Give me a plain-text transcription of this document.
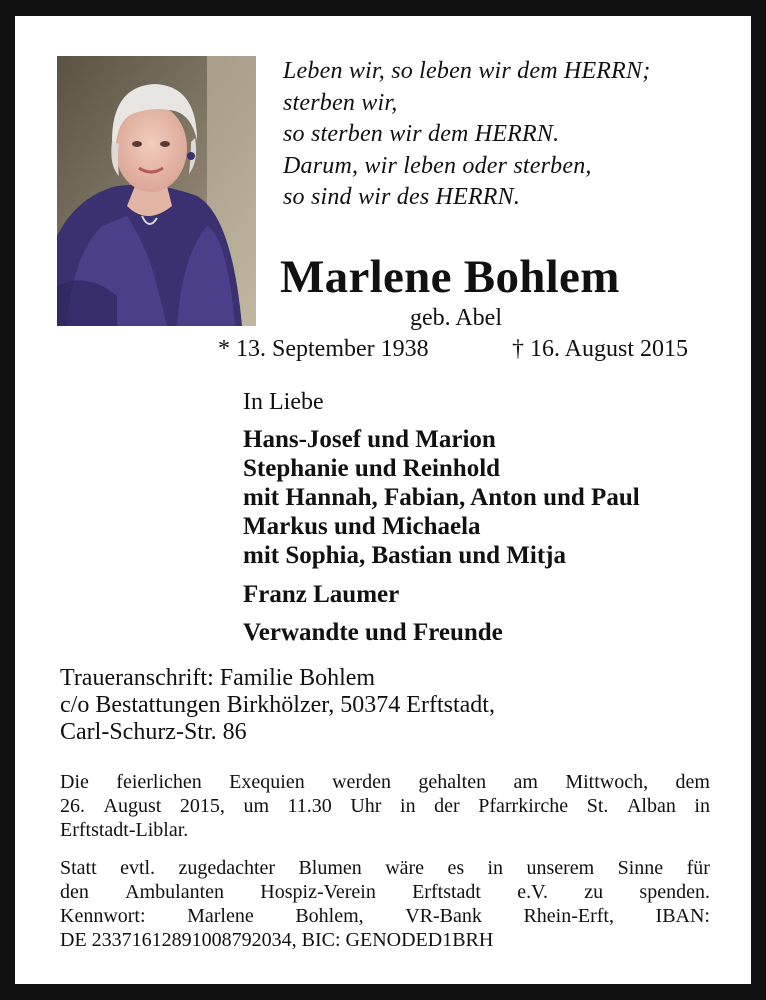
Leben wir, so leben wir dem HERRN;
sterben wir,
so sterben wir dem HERRN.
Darum, wir leben oder sterben,
so sind wir des HERRN.
Marlene Bohlem
geb. Abel
* 13. September 1938	† 16. August 2015
In Liebe
Hans-Josef und Marion
Stephanie und Reinhold
mit Hannah, Fabian, Anton und Paul
Markus und Michaela
mit Sophia, Bastian und Mitja
Franz Laumer
Verwandte und Freunde
Traueranschrift: Familie Bohlem
c/o Bestattungen Birkhölzer, 50374 Erftstadt,
Carl-Schurz-Str. 86
Die feierlichen Exequien werden gehalten am Mittwoch, dem
26. August 2015, um 11.30 Uhr in der Pfarrkirche St. Alban in
Erftstadt-Liblar.
Statt evtl. zugedachter Blumen wäre es in unserem Sinne für
den Ambulanten Hospiz-Verein Erftstadt e.V. zu spenden.
Kennwort: Marlene Bohlem, VR-Bank Rhein-Erft, IBAN:
DE 23371612891008792034, BIC: GENODED1BRH
